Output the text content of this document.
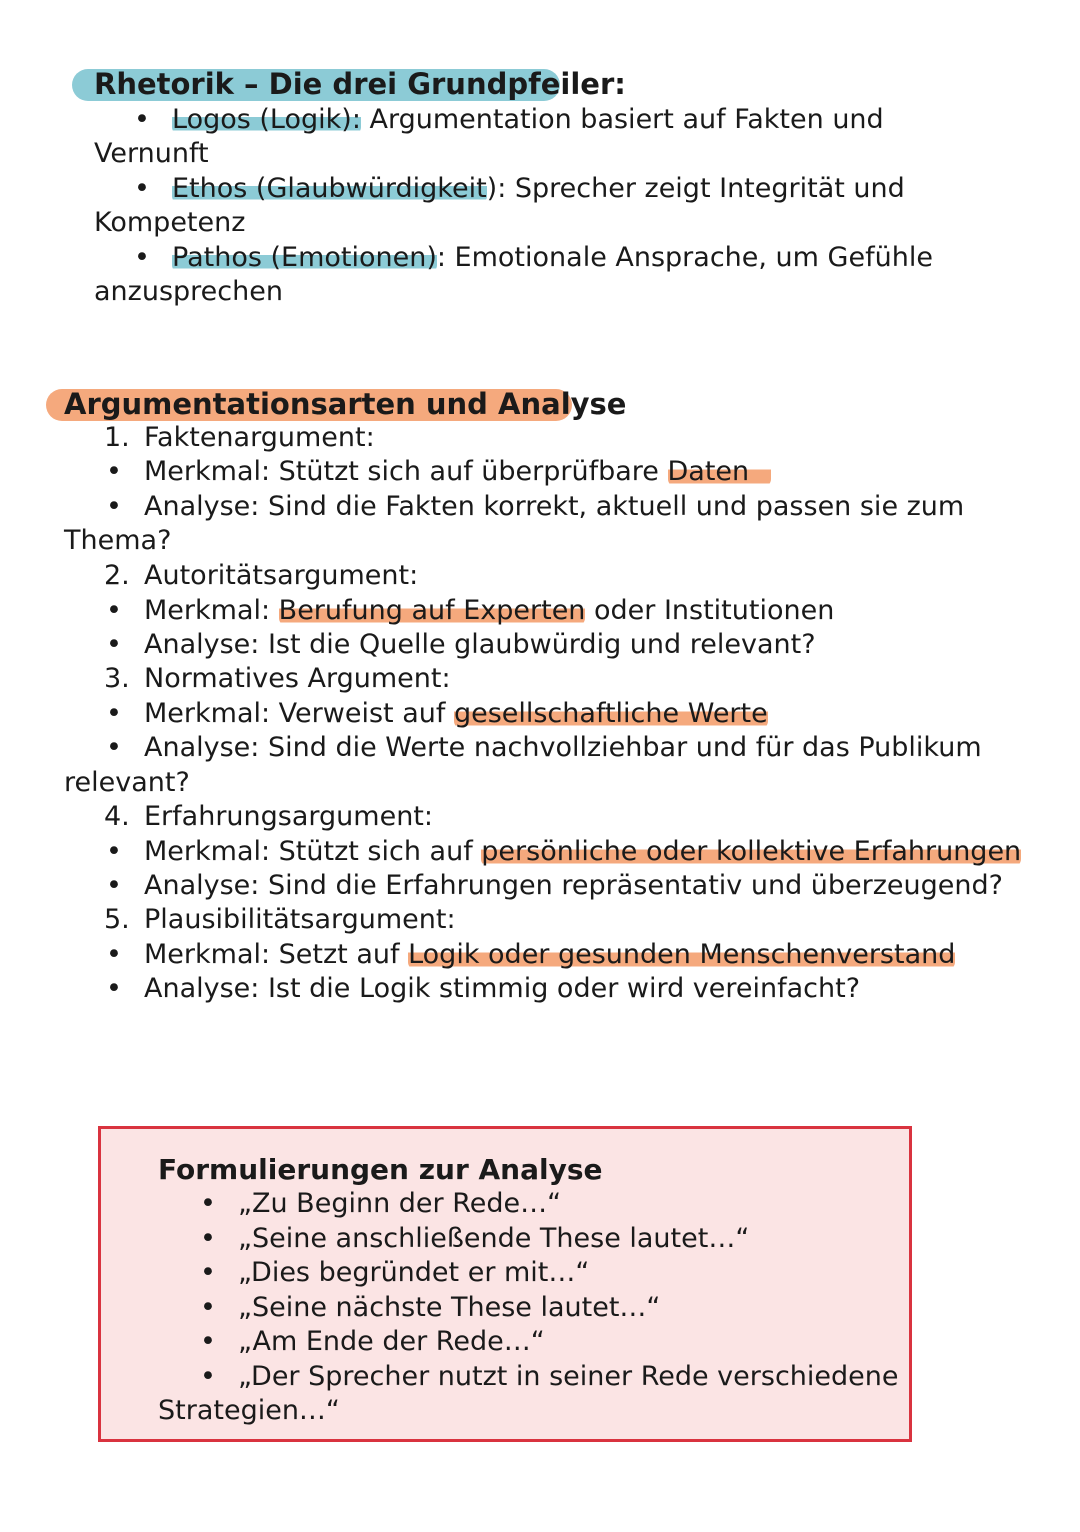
Rhetorik – Die drei Grundpfeiler:
• Logos (Logik): Argumentation basiert auf Fakten und
Vernunft
• Ethos (Glaubwürdigkeit): Sprecher zeigt Integrität und
Kompetenz
• Pathos (Emotionen): Emotionale Ansprache, um Gefühle
anzusprechen
Argumentationsarten und Analyse
1. Faktenargument:
• Merkmal: Stützt sich auf überprüfbare Daten
• Analyse: Sind die Fakten korrekt, aktuell und passen sie zum
Thema?
2. Autoritätsargument:
• Merkmal: Berufung auf Experten oder Institutionen
• Analyse: Ist die Quelle glaubwürdig und relevant?
3. Normatives Argument:
• Merkmal: Verweist auf gesellschaftliche Werte
• Analyse: Sind die Werte nachvollziehbar und für das Publikum
relevant?
4. Erfahrungsargument:
• Merkmal: Stützt sich auf persönliche oder kollektive Erfahrungen
• Analyse: Sind die Erfahrungen repräsentativ und überzeugend?
5. Plausibilitätsargument:
• Merkmal: Setzt auf Logik oder gesunden Menschenverstand
• Analyse: Ist die Logik stimmig oder wird vereinfacht?
Formulierungen zur Analyse
• „Zu Beginn der Rede…“
• „Seine anschließende These lautet…“
• „Dies begründet er mit…“
• „Seine nächste These lautet…“
• „Am Ende der Rede…“
• „Der Sprecher nutzt in seiner Rede verschiedene
Strategien…“
